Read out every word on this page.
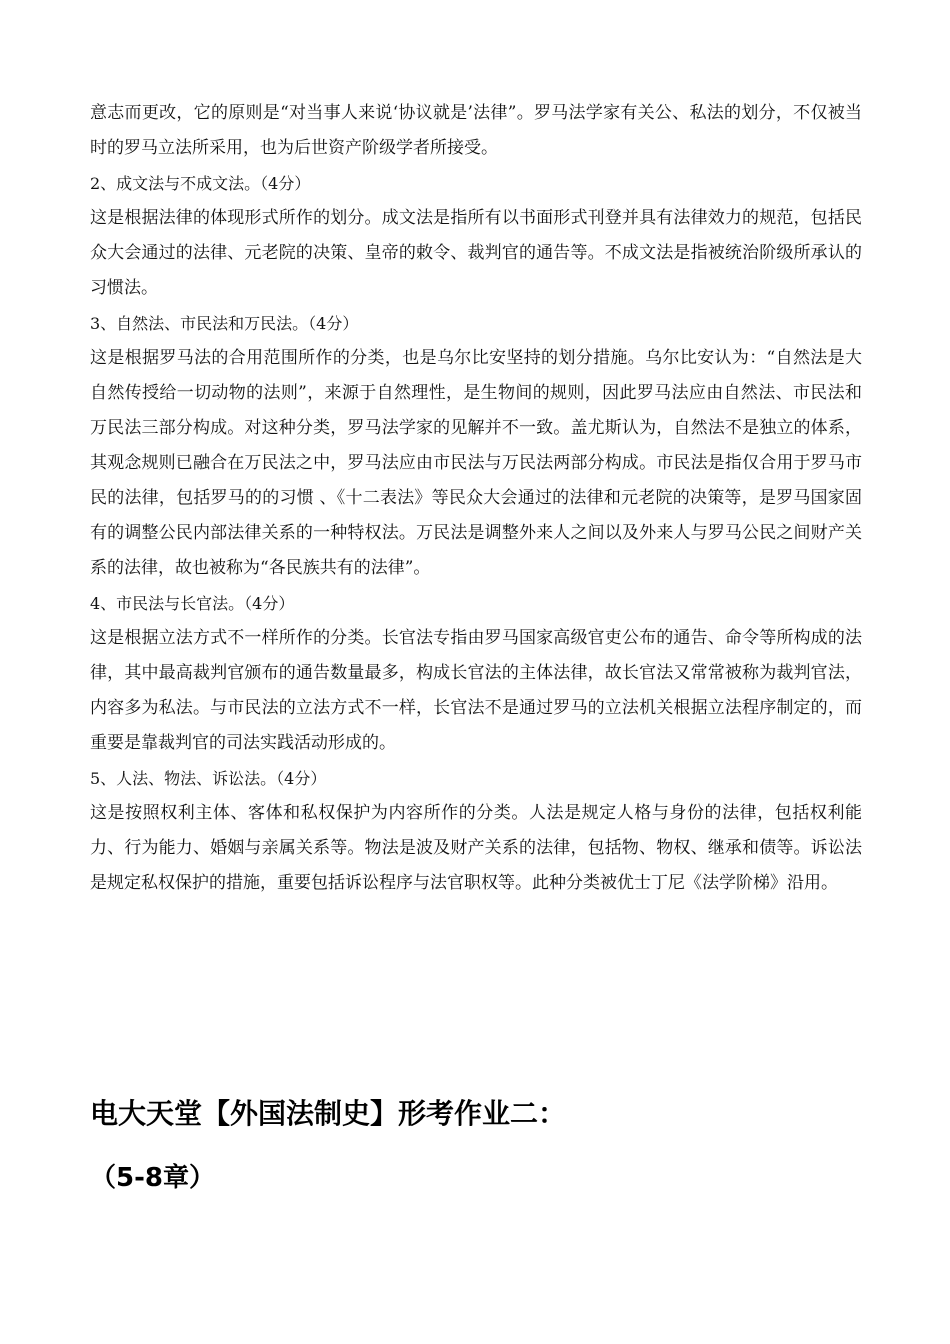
意志而更改，它的原则是“对当事人来说‘协议就是’法律”。罗马法学家有关公、私法的划分，不仅被当时的罗马立法所采用，也为后世资产阶级学者所接受。

2、成文法与不成文法。（4分）

这是根据法律的体现形式所作的划分。成文法是指所有以书面形式刊登并具有法律效力的规范，包括民众大会通过的法律、元老院的决策、皇帝的敕令、裁判官的通告等。不成文法是指被统治阶级所承认的习惯法。

3、自然法、市民法和万民法。（4分）

这是根据罗马法的合用范围所作的分类，也是乌尔比安坚持的划分措施。乌尔比安认为：“自然法是大自然传授给一切动物的法则”，来源于自然理性，是生物间的规则，因此罗马法应由自然法、市民法和万民法三部分构成。对这种分类，罗马法学家的见解并不一致。盖尤斯认为，自然法不是独立的体系，其观念规则已融合在万民法之中，罗马法应由市民法与万民法两部分构成。市民法是指仅合用于罗马市民的法律，包括罗马的的习惯 、《十二表法》等民众大会通过的法律和元老院的决策等，是罗马国家固有的调整公民内部法律关系的一种特权法。万民法是调整外来人之间以及外来人与罗马公民之间财产关系的法律，故也被称为“各民族共有的法律”。

4、市民法与长官法。（4分）

这是根据立法方式不一样所作的分类。长官法专指由罗马国家高级官吏公布的通告、命令等所构成的法律，其中最高裁判官颁布的通告数量最多，构成长官法的主体法律，故长官法又常常被称为裁判官法，内容多为私法。与市民法的立法方式不一样，长官法不是通过罗马的立法机关根据立法程序制定的，而重要是靠裁判官的司法实践活动形成的。

5、人法、物法、诉讼法。（4分）

这是按照权利主体、客体和私权保护为内容所作的分类。人法是规定人格与身份的法律，包括权利能力、行为能力、婚姻与亲属关系等。物法是波及财产关系的法律，包括物、物权、继承和债等。诉讼法是规定私权保护的措施，重要包括诉讼程序与法官职权等。此种分类被优士丁尼《法学阶梯》沿用。

电大天堂【外国法制史】形考作业二：
（5-8章）
